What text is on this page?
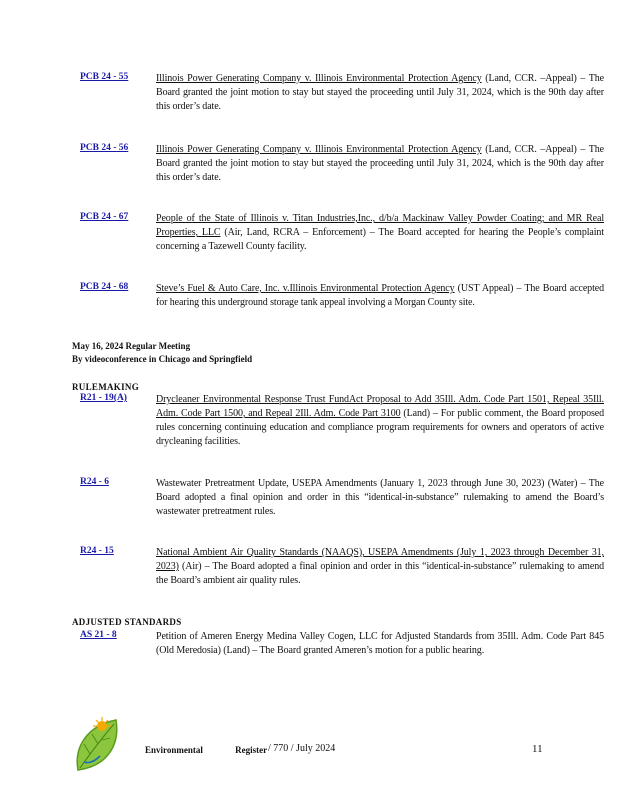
PCB 24 - 55	Illinois Power Generating Company v. Illinois Environmental Protection Agency (Land, CCR. –Appeal) – The Board granted the joint motion to stay but stayed the proceeding until July 31, 2024, which is the 90th day after this order’s date.
PCB 24 - 56	Illinois Power Generating Company v. Illinois Environmental Protection Agency (Land, CCR. –Appeal) – The Board granted the joint motion to stay but stayed the proceeding until July 31, 2024, which is the 90th day after this order’s date.
PCB 24 - 67	People of the State of Illinois v. Titan Industries,Inc., d/b/a Mackinaw Valley Powder Coating; and MR Real Properties, LLC (Air, Land, RCRA – Enforcement) – The Board accepted for hearing the People’s complaint concerning a Tazewell County facility.
PCB 24 - 68	Steve’s Fuel & Auto Care, Inc. v.Illinois Environmental Protection Agency (UST Appeal) – The Board accepted for hearing this underground storage tank appeal involving a Morgan County site.
May 16, 2024 Regular Meeting
By videoconference in Chicago and Springfield
RULEMAKING
R21 - 19(A)	Drycleaner Environmental Response Trust FundAct Proposal to Add 35Ill. Adm. Code Part 1501, Repeal 35Ill. Adm. Code Part 1500, and Repeal 2Ill. Adm. Code Part 3100 (Land) – For public comment, the Board proposed rules concerning continuing education and compliance program requirements for owners and operators of active drycleaning facilities.
R24 - 6	Wastewater Pretreatment Update, USEPA Amendments (January 1, 2023 through June 30, 2023) (Water) – The Board adopted a final opinion and order in this “identical-in-substance” rulemaking to amend the Board’s wastewater pretreatment rules.
R24 - 15	National Ambient Air Quality Standards (NAAQS), USEPA Amendments (July 1, 2023 through December 31, 2023) (Air) – The Board adopted a final opinion and order in this “identical-in-substance” rulemaking to amend the Board’s ambient air quality rules.
ADJUSTED STANDARDS
AS 21 - 8	Petition of Ameren Energy Medina Valley Cogen, LLC for Adjusted Standards from 35Ill. Adm. Code Part 845 (Old Meredosia) (Land) – The Board granted Ameren’s motion for a public hearing.
Environmental Register / 770 / July 2024	11
